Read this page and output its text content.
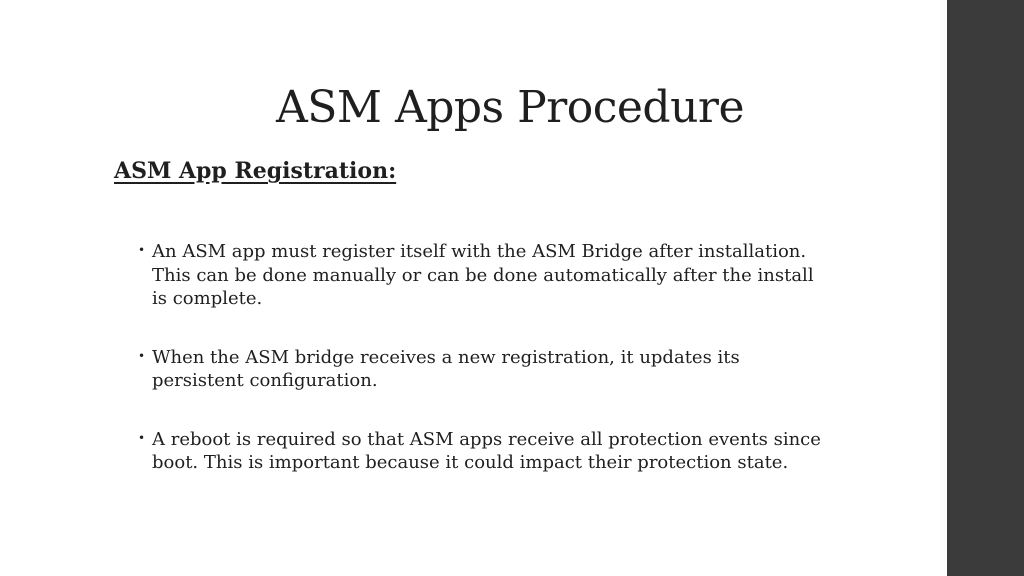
ASM Apps Procedure
ASM App Registration:
• An ASM app must register itself with the ASM Bridge after installation. This can be done manually or can be done automatically after the install is complete.
• When the ASM bridge receives a new registration, it updates its persistent configuration.
• A reboot is required so that ASM apps receive all protection events since boot. This is important because it could impact their protection state.
